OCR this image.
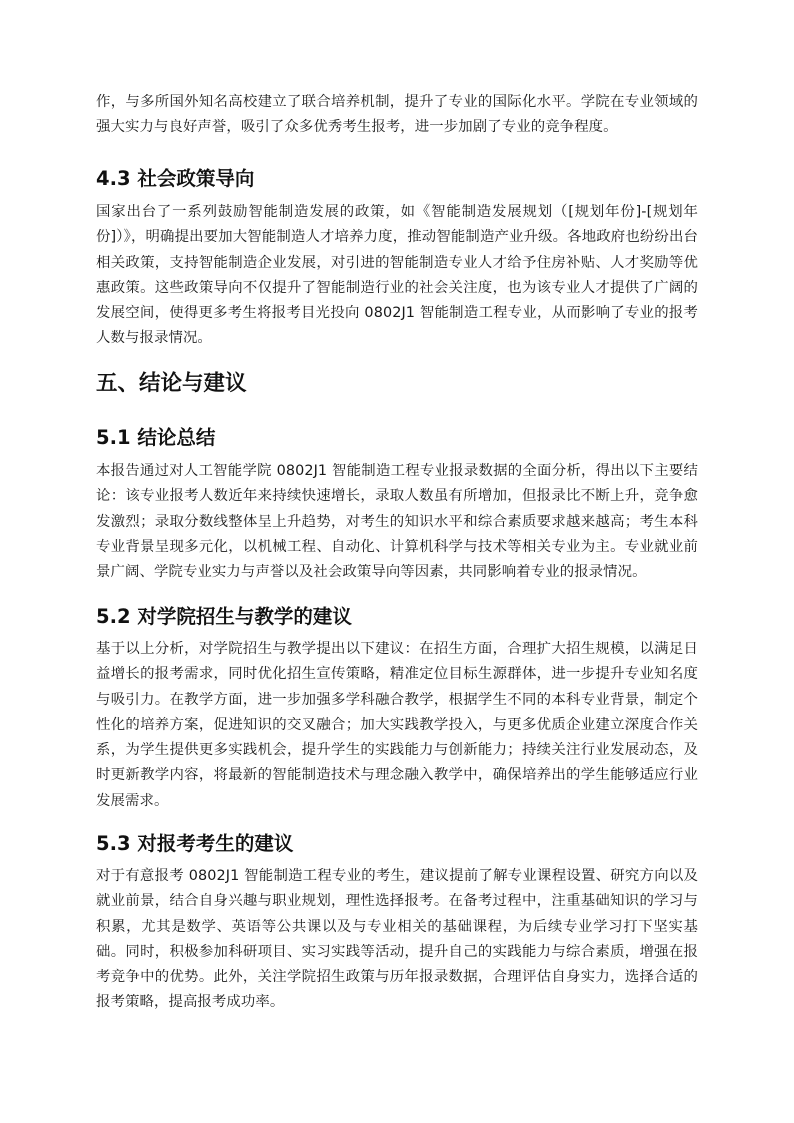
作，与多所国外知名高校建立了联合培养机制，提升了专业的国际化水平。学院在专业领域的强大实力与良好声誉，吸引了众多优秀考生报考，进一步加剧了专业的竞争程度。

4.3 社会政策导向

国家出台了一系列鼓励智能制造发展的政策，如《智能制造发展规划（[规划年份]-[规划年份]）》，明确提出要加大智能制造人才培养力度，推动智能制造产业升级。各地政府也纷纷出台相关政策，支持智能制造企业发展，对引进的智能制造专业人才给予住房补贴、人才奖励等优惠政策。这些政策导向不仅提升了智能制造行业的社会关注度，也为该专业人才提供了广阔的发展空间，使得更多考生将报考目光投向 0802J1 智能制造工程专业，从而影响了专业的报考人数与报录情况。

五、结论与建议
5.1 结论总结

本报告通过对人工智能学院 0802J1 智能制造工程专业报录数据的全面分析，得出以下主要结论：该专业报考人数近年来持续快速增长，录取人数虽有所增加，但报录比不断上升，竞争愈发激烈；录取分数线整体呈上升趋势，对考生的知识水平和综合素质要求越来越高；考生本科专业背景呈现多元化，以机械工程、自动化、计算机科学与技术等相关专业为主。专业就业前景广阔、学院专业实力与声誉以及社会政策导向等因素，共同影响着专业的报录情况。

5.2 对学院招生与教学的建议

基于以上分析，对学院招生与教学提出以下建议：在招生方面，合理扩大招生规模，以满足日益增长的报考需求，同时优化招生宣传策略，精准定位目标生源群体，进一步提升专业知名度与吸引力。在教学方面，进一步加强多学科融合教学，根据学生不同的本科专业背景，制定个性化的培养方案，促进知识的交叉融合；加大实践教学投入，与更多优质企业建立深度合作关系，为学生提供更多实践机会，提升学生的实践能力与创新能力；持续关注行业发展动态，及时更新教学内容，将最新的智能制造技术与理念融入教学中，确保培养出的学生能够适应行业发展需求。

5.3 对报考考生的建议

对于有意报考 0802J1 智能制造工程专业的考生，建议提前了解专业课程设置、研究方向以及就业前景，结合自身兴趣与职业规划，理性选择报考。在备考过程中，注重基础知识的学习与积累，尤其是数学、英语等公共课以及与专业相关的基础课程，为后续专业学习打下坚实基础。同时，积极参加科研项目、实习实践等活动，提升自己的实践能力与综合素质，增强在报考竞争中的优势。此外，关注学院招生政策与历年报录数据，合理评估自身实力，选择合适的报考策略，提高报考成功率。
